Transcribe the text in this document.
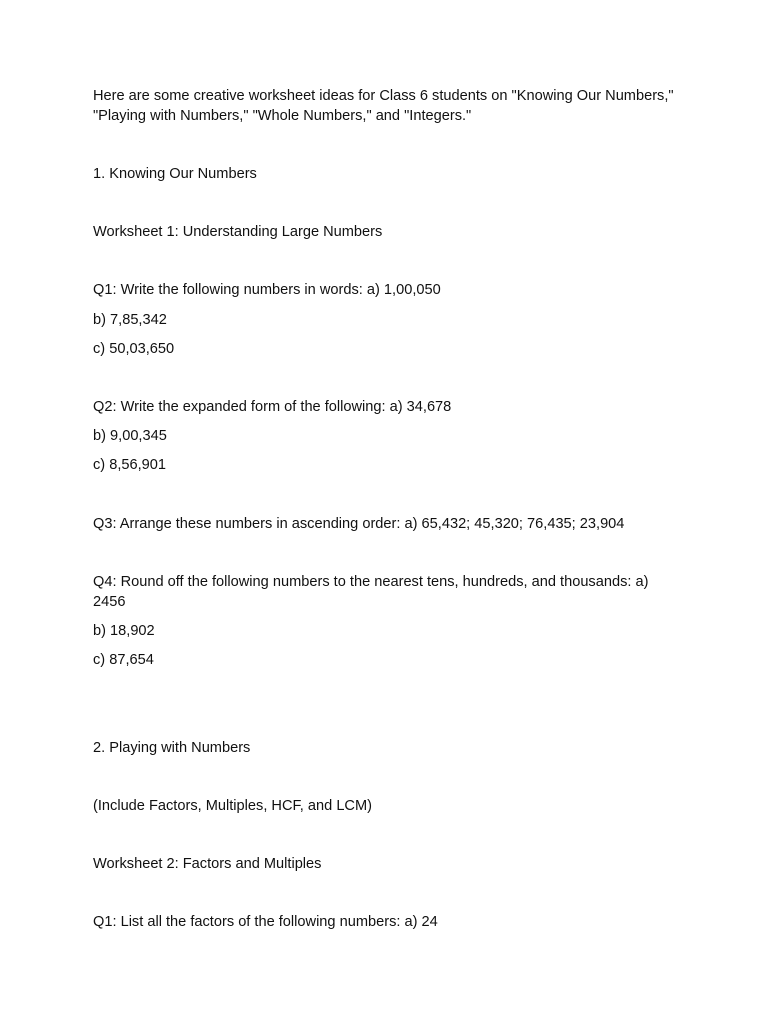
Here are some creative worksheet ideas for Class 6 students on "Knowing Our Numbers," "Playing with Numbers," "Whole Numbers," and "Integers."

1. Knowing Our Numbers

Worksheet 1: Understanding Large Numbers

Q1: Write the following numbers in words: a) 1,00,050

b) 7,85,342

c) 50,03,650

Q2: Write the expanded form of the following: a) 34,678

b) 9,00,345

c) 8,56,901

Q3: Arrange these numbers in ascending order: a) 65,432; 45,320; 76,435; 23,904

Q4: Round off the following numbers to the nearest tens, hundreds, and thousands: a) 2456

b) 18,902

c) 87,654

2. Playing with Numbers

(Include Factors, Multiples, HCF, and LCM)

Worksheet 2: Factors and Multiples

Q1: List all the factors of the following numbers: a) 24
